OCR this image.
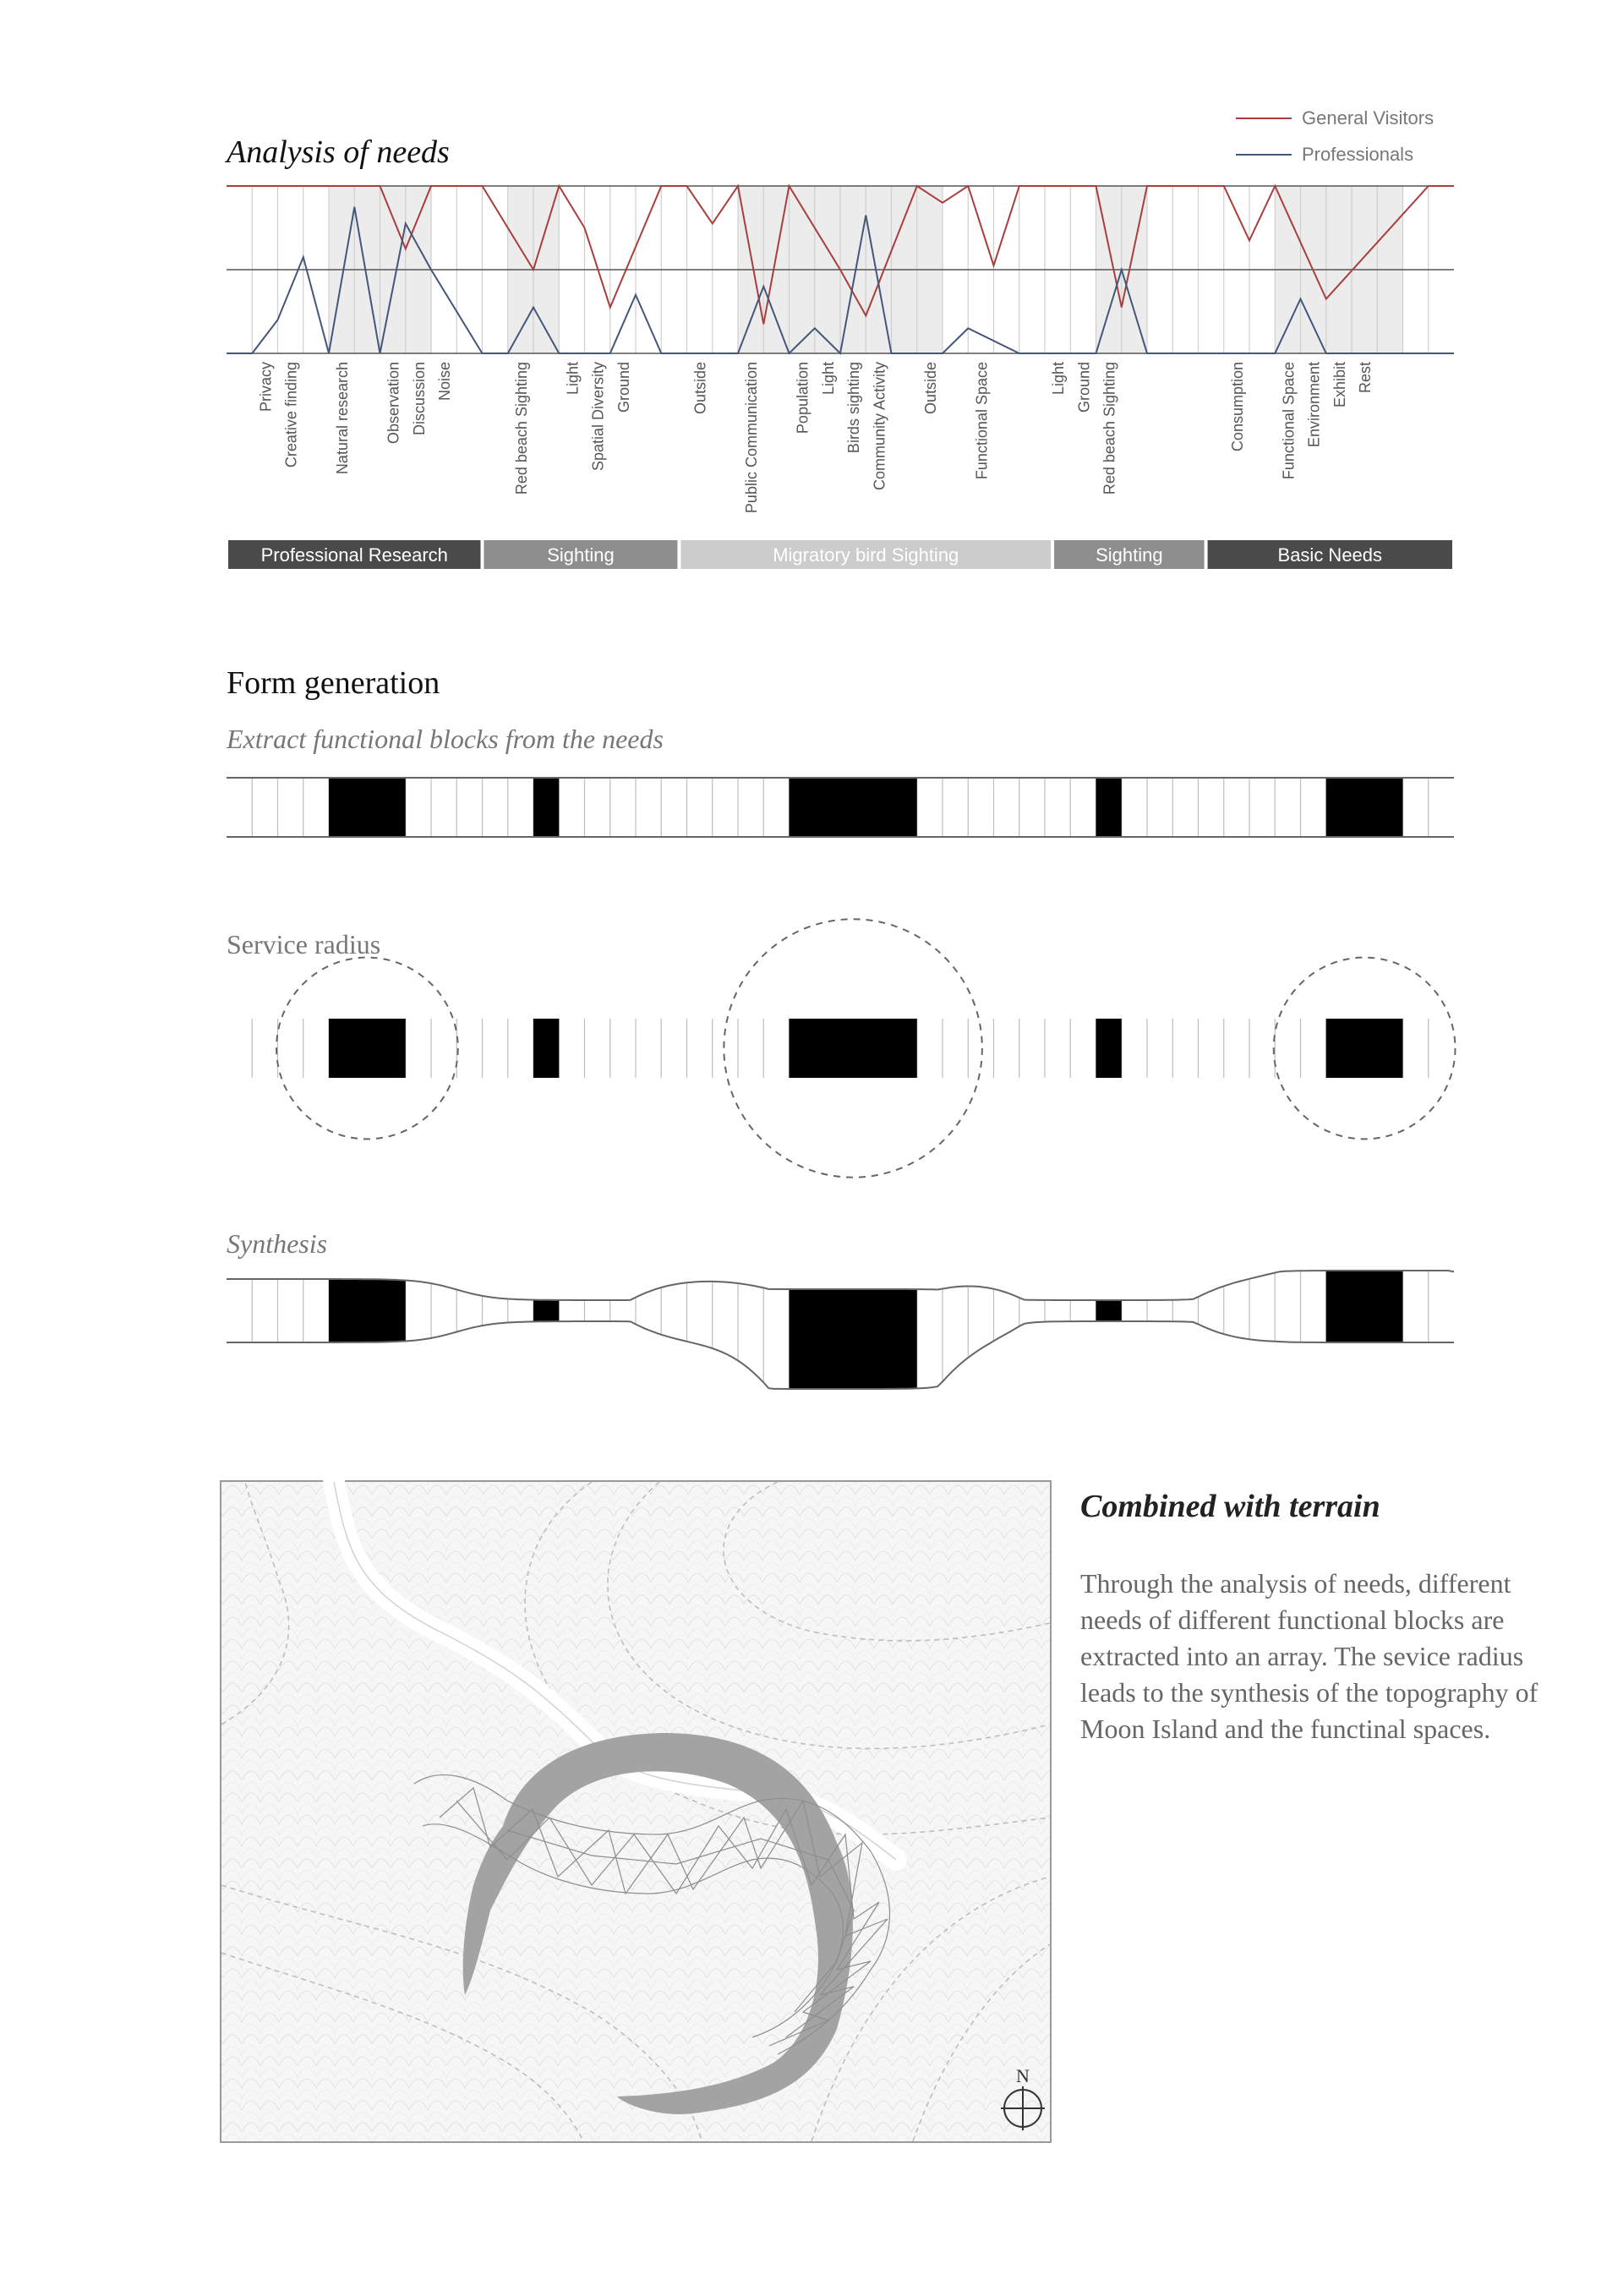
Analysis of needs
General Visitors
Professionals
Privacy Creative finding Natural research Observation Discussion Noise	Red beach Sighting Light Spatial Diversity Ground	Outside Public Communication Population Light Birds sighting Community Activity Outside Functional Space	Light Ground Red beach Sighting	Consumption Functional Space Environment Exhibit Rest
Professional Research	Sighting	Migratory bird Sighting	Sighting	Basic Needs
Form generation
Extract functional blocks from the needs
Service radius
Synthesis
N
Combined with terrain

Through the analysis of needs, different needs of different functional blocks are extracted into an array. The sevice radius leads to the synthesis of the topography of Moon Island and the functinal spaces.
